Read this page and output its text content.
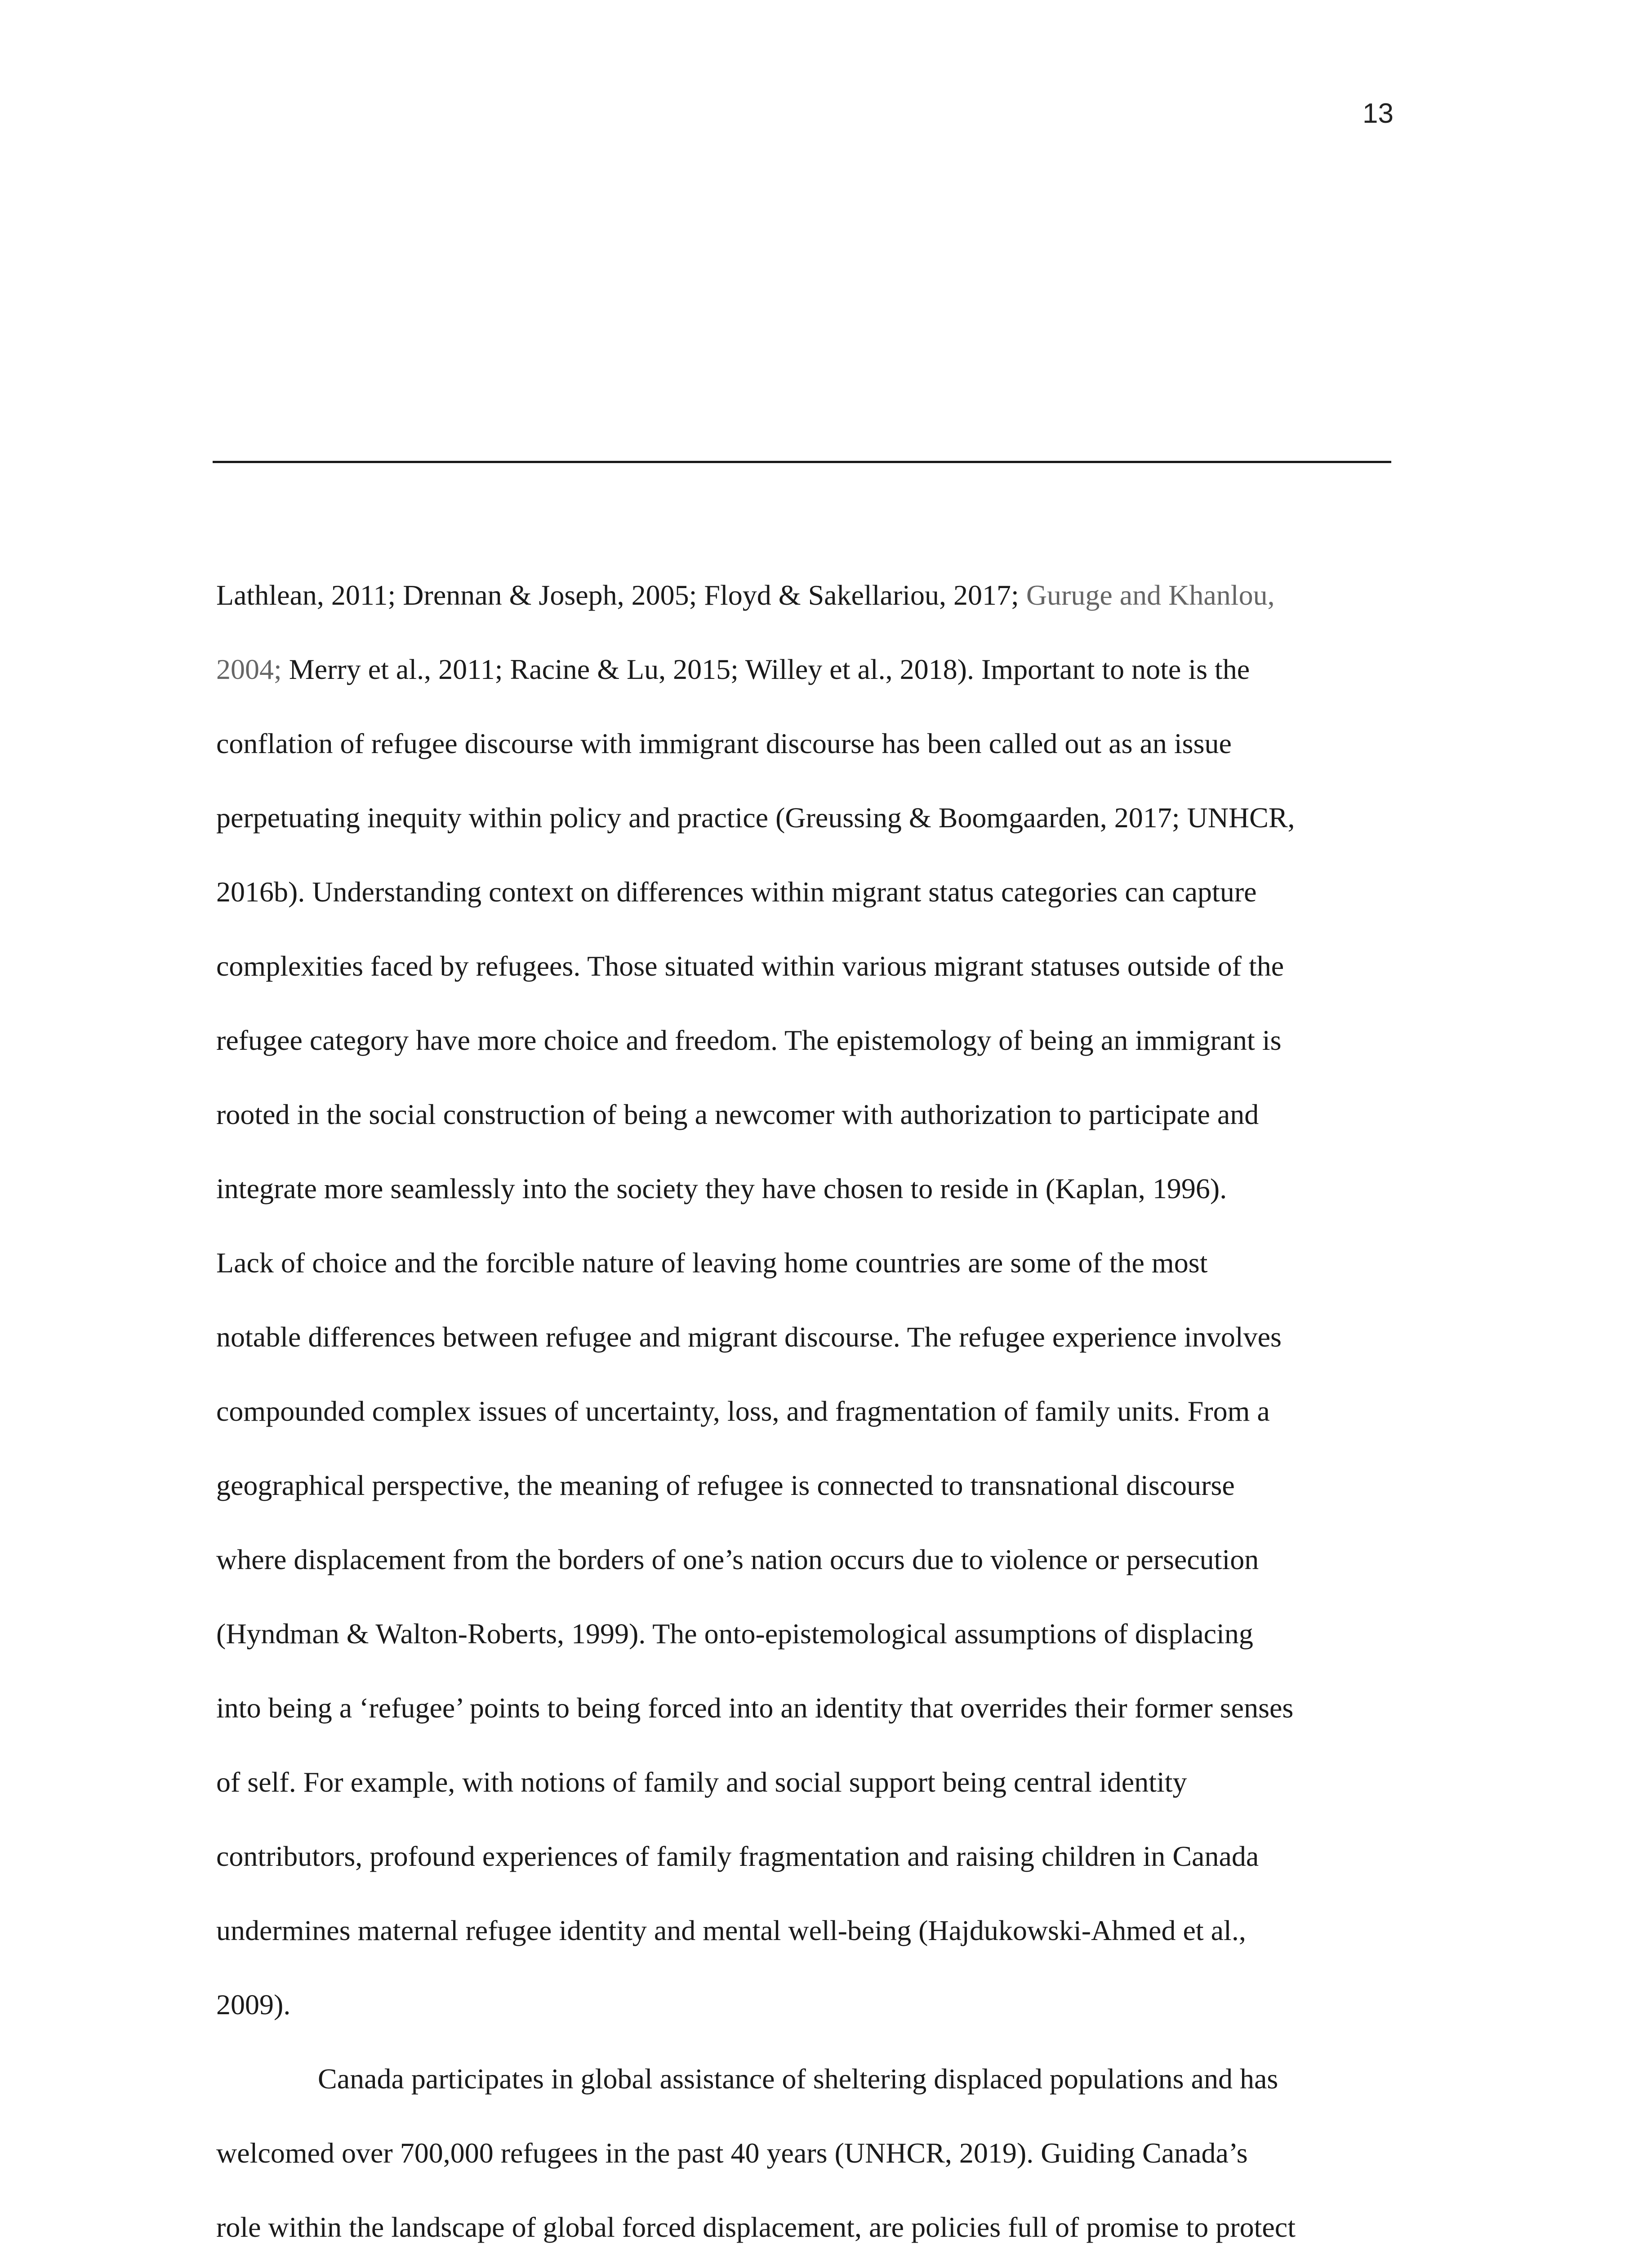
13
Lathlean, 2011; Drennan & Joseph, 2005; Floyd & Sakellariou, 2017; Guruge and Khanlou,
2004; Merry et al., 2011; Racine & Lu, 2015; Willey et al., 2018). Important to note is the
conflation of refugee discourse with immigrant discourse has been called out as an issue
perpetuating inequity within policy and practice (Greussing & Boomgaarden, 2017; UNHCR,
2016b). Understanding context on differences within migrant status categories can capture
complexities faced by refugees. Those situated within various migrant statuses outside of the
refugee category have more choice and freedom. The epistemology of being an immigrant is
rooted in the social construction of being a newcomer with authorization to participate and
integrate more seamlessly into the society they have chosen to reside in (Kaplan, 1996).
Lack of choice and the forcible nature of leaving home countries are some of the most
notable differences between refugee and migrant discourse. The refugee experience involves
compounded complex issues of uncertainty, loss, and fragmentation of family units. From a
geographical perspective, the meaning of refugee is connected to transnational discourse
where displacement from the borders of one’s nation occurs due to violence or persecution
(Hyndman & Walton-Roberts, 1999). The onto-epistemological assumptions of displacing
into being a ‘refugee’ points to being forced into an identity that overrides their former senses
of self. For example, with notions of family and social support being central identity
contributors, profound experiences of family fragmentation and raising children in Canada
undermines maternal refugee identity and mental well-being (Hajdukowski-Ahmed et al.,
2009).
Canada participates in global assistance of sheltering displaced populations and has
welcomed over 700,000 refugees in the past 40 years (UNHCR, 2019). Guiding Canada’s
role within the landscape of global forced displacement, are policies full of promise to protect
